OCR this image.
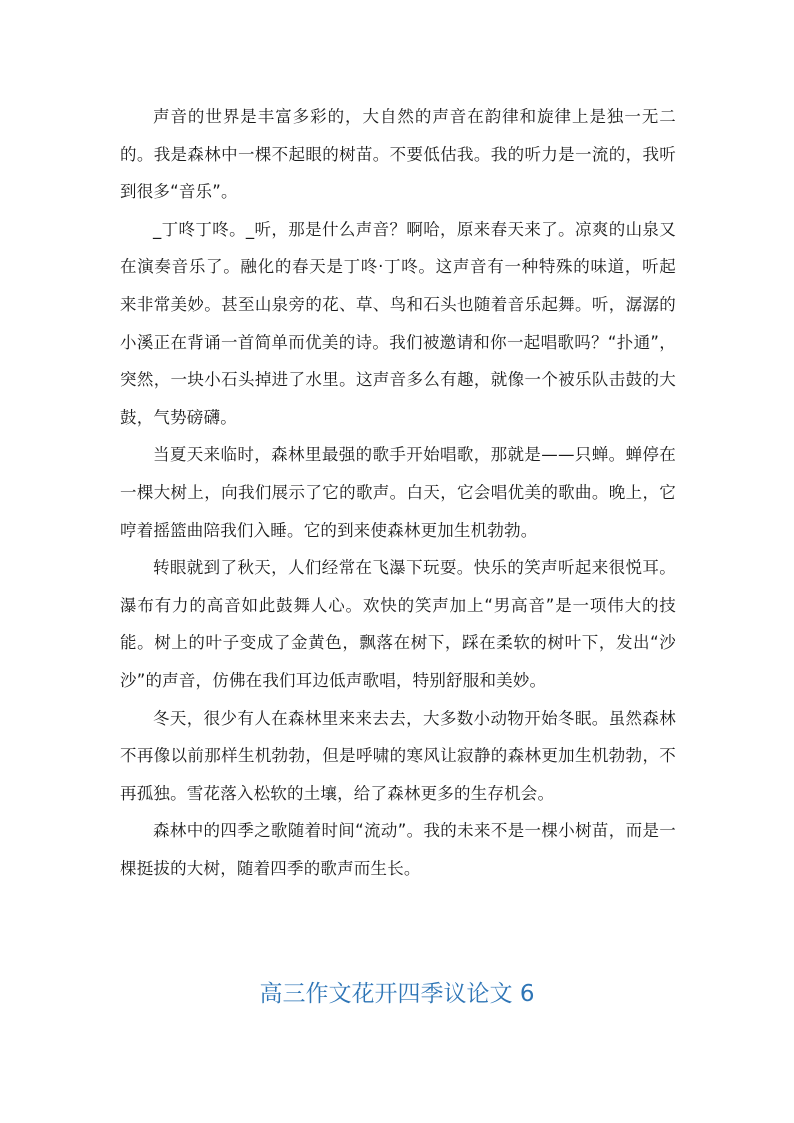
声音的世界是丰富多彩的，大自然的声音在韵律和旋律上是独一无二的。我是森林中一棵不起眼的树苗。不要低估我。我的听力是一流的，我听到很多“音乐”。

_丁咚丁咚。_听，那是什么声音？啊哈，原来春天来了。凉爽的山泉又在演奏音乐了。融化的春天是丁咚·丁咚。这声音有一种特殊的味道，听起来非常美妙。甚至山泉旁的花、草、鸟和石头也随着音乐起舞。听，潺潺的小溪正在背诵一首简单而优美的诗。我们被邀请和你一起唱歌吗？“扑通”，突然，一块小石头掉进了水里。这声音多么有趣，就像一个被乐队击鼓的大鼓，气势磅礴。

当夏天来临时，森林里最强的歌手开始唱歌，那就是——只蝉。蝉停在一棵大树上，向我们展示了它的歌声。白天，它会唱优美的歌曲。晚上，它哼着摇篮曲陪我们入睡。它的到来使森林更加生机勃勃。

转眼就到了秋天，人们经常在飞瀑下玩耍。快乐的笑声听起来很悦耳。瀑布有力的高音如此鼓舞人心。欢快的笑声加上“男高音”是一项伟大的技能。树上的叶子变成了金黄色，飘落在树下，踩在柔软的树叶下，发出“沙沙”的声音，仿佛在我们耳边低声歌唱，特别舒服和美妙。

冬天，很少有人在森林里来来去去，大多数小动物开始冬眠。虽然森林不再像以前那样生机勃勃，但是呼啸的寒风让寂静的森林更加生机勃勃，不再孤独。雪花落入松软的土壤，给了森林更多的生存机会。

森林中的四季之歌随着时间“流动”。我的未来不是一棵小树苗，而是一棵挺拔的大树，随着四季的歌声而生长。

高三作文花开四季议论文 6
